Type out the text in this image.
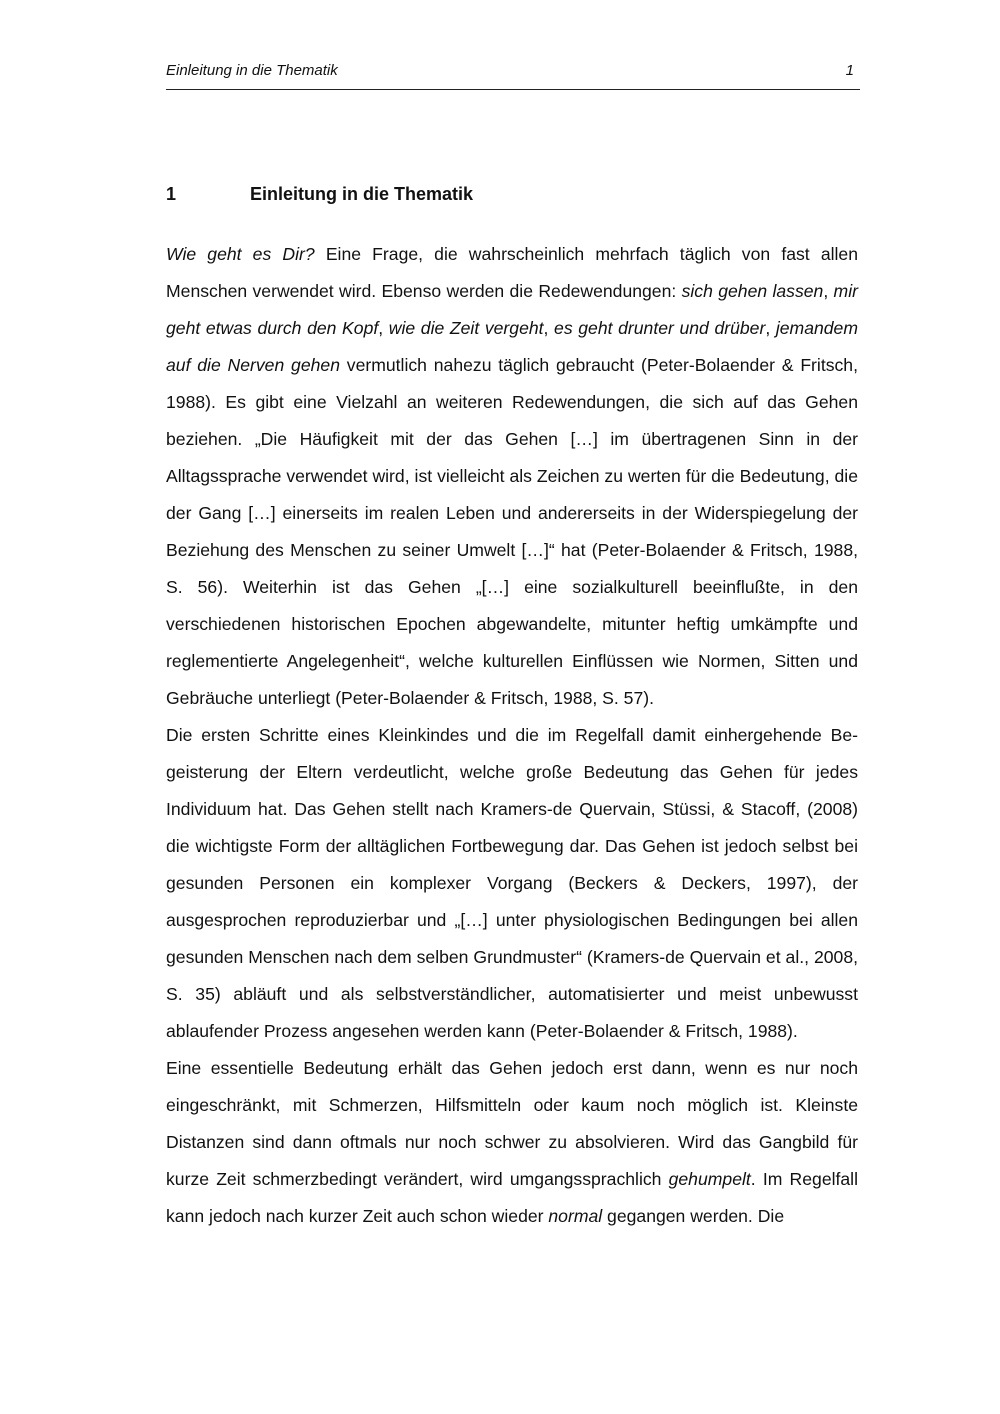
Einleitung in die Thematik	1
1	Einleitung in die Thematik

Wie geht es Dir? Eine Frage, die wahrscheinlich mehrfach täglich von fast allen Menschen verwendet wird. Ebenso werden die Redewendungen: sich gehen lassen, mir geht etwas durch den Kopf, wie die Zeit vergeht, es geht drunter und drüber, jemandem auf die Nerven gehen vermutlich nahezu täglich gebraucht (Peter-Bolaender & Fritsch, 1988). Es gibt eine Vielzahl an weiteren Redewendungen, die sich auf das Gehen beziehen. „Die Häufigkeit mit der das Gehen […] im übertragenen Sinn in der Alltagssprache verwendet wird, ist vielleicht als Zeichen zu werten für die Bedeutung, die der Gang […] einerseits im realen Leben und andererseits in der Widerspiegelung der Beziehung des Menschen zu seiner Umwelt […]“ hat (Peter-Bolaender & Fritsch, 1988, S. 56). Weiterhin ist das Gehen „[…] eine sozialkulturell beeinflußte, in den verschiedenen historischen Epochen abgewandelte, mitunter heftig umkämpfte und reglementierte Angelegenheit“, welche kulturellen Einflüssen wie Normen, Sitten und Gebräuche unterliegt (Peter-Bolaender & Fritsch, 1988, S. 57).

Die ersten Schritte eines Kleinkindes und die im Regelfall damit einhergehende Begeisterung der Eltern verdeutlicht, welche große Bedeutung das Gehen für jedes Individuum hat. Das Gehen stellt nach Kramers-de Quervain, Stüssi, & Stacoff, (2008) die wichtigste Form der alltäglichen Fortbewegung dar. Das Gehen ist jedoch selbst bei gesunden Personen ein komplexer Vorgang (Beckers & Deckers, 1997), der ausgesprochen reproduzierbar und „[…] unter physiologischen Bedingungen bei allen gesunden Menschen nach dem selben Grundmuster“ (Kramers-de Quervain et al., 2008, S. 35) abläuft und als selbstverständlicher, automatisierter und meist unbewusst ablaufender Prozess angesehen werden kann (Peter-Bolaender & Fritsch, 1988).

Eine essentielle Bedeutung erhält das Gehen jedoch erst dann, wenn es nur noch eingeschränkt, mit Schmerzen, Hilfsmitteln oder kaum noch möglich ist. Kleinste Distanzen sind dann oftmals nur noch schwer zu absolvieren. Wird das Gangbild für kurze Zeit schmerzbedingt verändert, wird umgangssprachlich gehumpelt. Im Regelfall kann jedoch nach kurzer Zeit auch schon wieder normal gegangen werden. Die
